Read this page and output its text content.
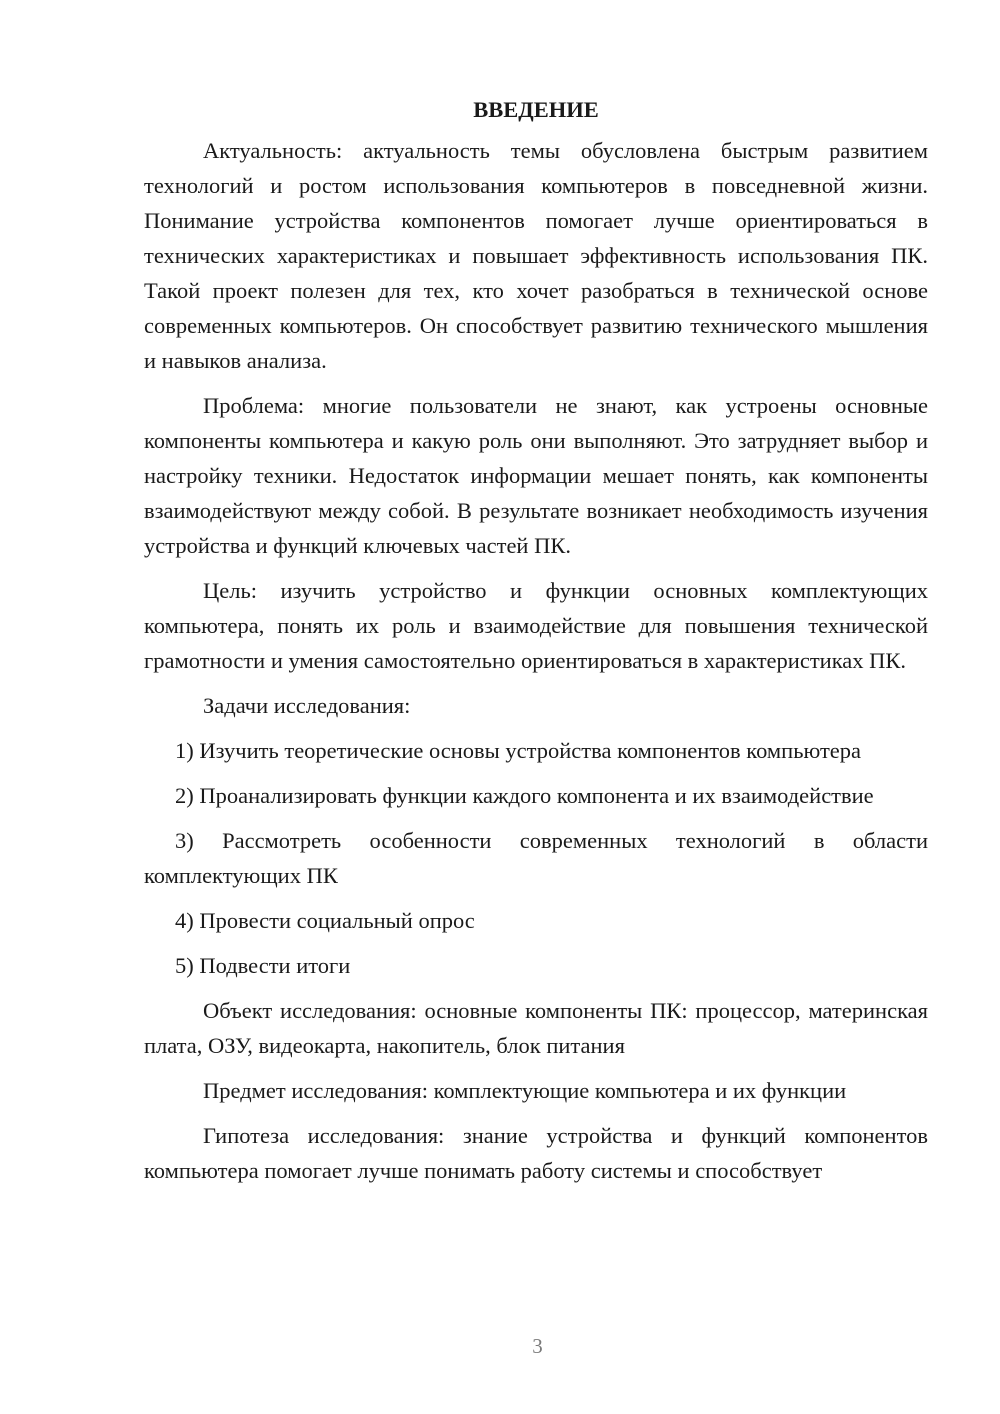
ВВЕДЕНИЕ

Актуальность: актуальность темы обусловлена быстрым развитием технологий и ростом использования компьютеров в повседневной жизни. Понимание устройства компонентов помогает лучше ориентироваться в технических характеристиках и повышает эффективность использования ПК. Такой проект полезен для тех, кто хочет разобраться в технической основе современных компьютеров. Он способствует развитию технического мышления и навыков анализа.

Проблема: многие пользователи не знают, как устроены основные компоненты компьютера и какую роль они выполняют. Это затрудняет выбор и настройку техники. Недостаток информации мешает понять, как компоненты взаимодействуют между собой. В результате возникает необходимость изучения устройства и функций ключевых частей ПК.

Цель: изучить устройство и функции основных комплектующих компьютера, понять их роль и взаимодействие для повышения технической грамотности и умения самостоятельно ориентироваться в характеристиках ПК.

Задачи исследования:

1) Изучить теоретические основы устройства компонентов компьютера

2) Проанализировать функции каждого компонента и их взаимодействие

3) Рассмотреть особенности современных технологий в области комплектующих ПК

4) Провести социальный опрос

5) Подвести итоги

Объект исследования: основные компоненты ПК: процессор, материнская плата, ОЗУ, видеокарта, накопитель, блок питания

Предмет исследования: комплектующие компьютера и их функции

Гипотеза исследования: знание устройства и функций компонентов компьютера помогает лучше понимать работу системы и способствует

3
